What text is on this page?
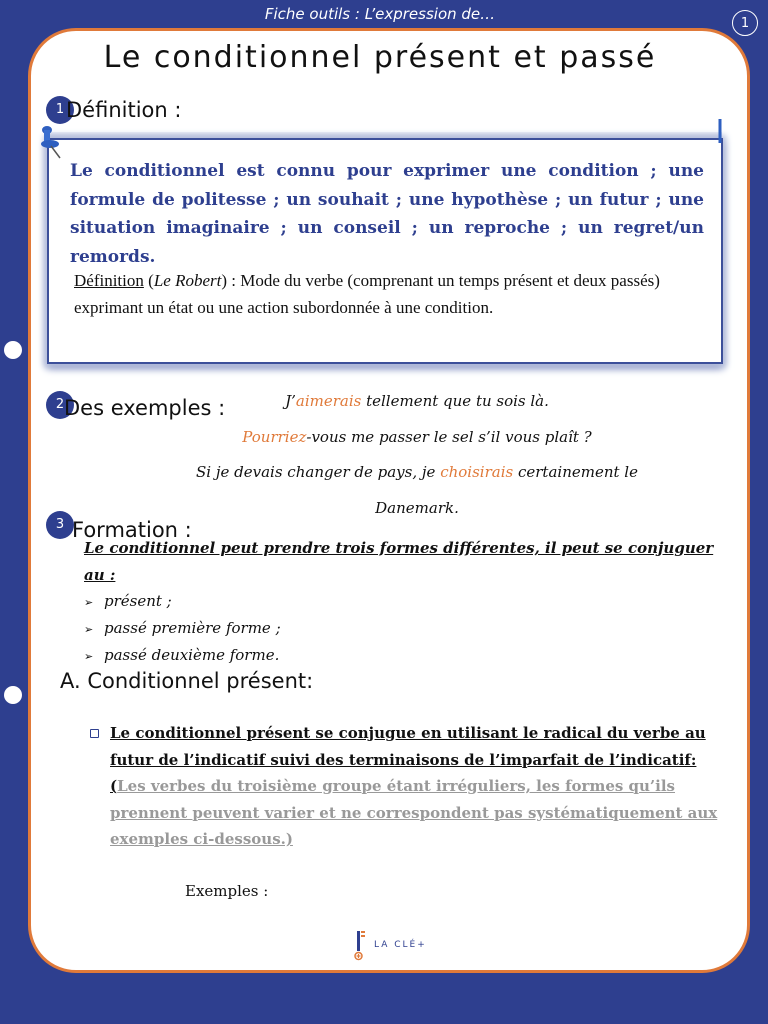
Fiche outils : L’expression de…
1
Le conditionnel présent et passé
1 Définition :
Le conditionnel est connu pour exprimer une condition ; une formule de politesse ; un souhait ; une hypothèse ; un futur ; une situation imaginaire ; un conseil ; un reproche ; un regret/un remords.
Définition (Le Robert) : Mode du verbe (comprenant un temps présent et deux passés) exprimant un état ou une action subordonnée à une condition.
2 Des exemples :	J’aimerais tellement que tu sois là.
Pourriez-vous me passer le sel s’il vous plaît ?
Si je devais changer de pays, je choisirais certainement le
Danemark.
3 Formation :
Le conditionnel peut prendre trois formes différentes, il peut se conjuguer au :
➢ présent ;
➢ passé première forme ;
➢ passé deuxième forme.
A. Conditionnel présent:
Le conditionnel présent se conjugue en utilisant le radical du verbe au futur de l’indicatif suivi des terminaisons de l’imparfait de l’indicatif: (Les verbes du troisième groupe étant irréguliers, les formes qu’ils prennent peuvent varier et ne correspondent pas systématiquement aux exemples ci-dessous.)
Exemples :
LA CLÉ+
